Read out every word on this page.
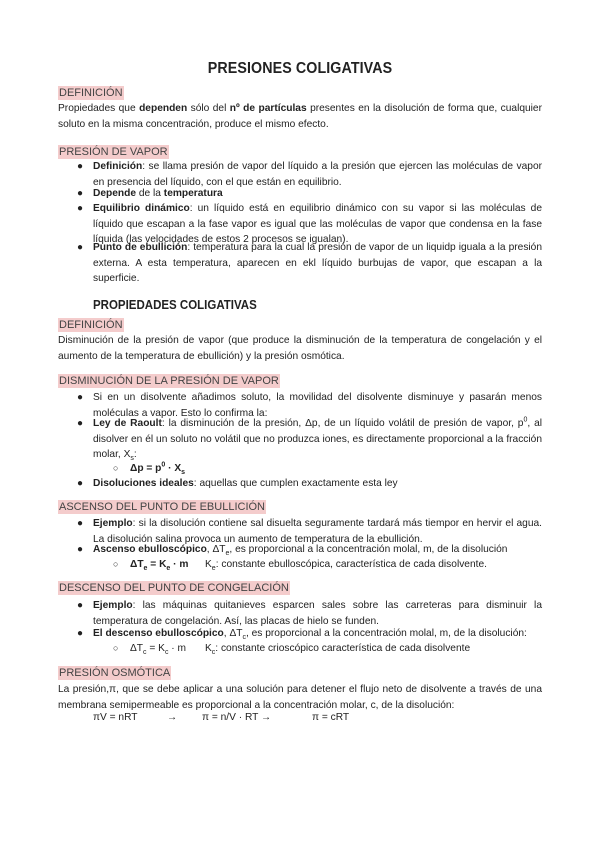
PRESIONES COLIGATIVAS
DEFINICIÓN
Propiedades que dependen sólo del nº de partículas presentes en la disolución de forma que, cualquier soluto en la misma concentración, produce el mismo efecto.
PRESIÓN DE VAPOR
● Definición: se llama presión de vapor del líquido a la presión que ejercen las moléculas de vapor en presencia del líquido, con el que están en equilibrio.
● Depende de la temperatura
● Equilibrio dinámico: un líquido está en equilibrio dinámico con su vapor si las moléculas de líquido que escapan a la fase vapor es igual que las moléculas de vapor que condensa en la fase líquida (las velocidades de estos 2 procesos se igualan).
● Punto de ebullición: temperatura para la cual la presión de vapor de un liquidp iguala a la presión externa. A esta temperatura, aparecen en ekl líquido burbujas de vapor, que escapan a la superficie.
PROPIEDADES COLIGATIVAS
DEFINICIÓN
Disminución de la presión de vapor (que produce la disminución de la temperatura de congelación y el aumento de la temperatura de ebullición) y la presión osmótica.
DISMINUCIÓN DE LA PRESIÓN DE VAPOR
● Si en un disolvente añadimos soluto, la movilidad del disolvente disminuye y pasarán menos moléculas a vapor. Esto lo confirma la:
● Ley de Raoult: la disminución de la presión, Δp, de un líquido volátil de presión de vapor, $p^0$, al disolver en él un soluto no volátil que no produzca iones, es directamente proporcional a la fracción molar, $X_s$:
○ $\Delta p = p^0 \cdot X_s$
● Disoluciones ideales: aquellas que cumplen exactamente esta ley
ASCENSO DEL PUNTO DE EBULLICIÓN
● Ejemplo: si la disolución contiene sal disuelta seguramente tardará más tiempor en hervir el agua. La disolución salina provoca un aumento de temperatura de la ebullición.
● Ascenso ebulloscópico, $\Delta T_e$, es proporcional a la concentración molal, m, de la disolución
○ $\Delta T_e = K_e \cdot m$ $K_e$: constante ebulloscópica, característica de cada disolvente.
DESCENSO DEL PUNTO DE CONGELACIÓN
● Ejemplo: las máquinas quitanieves esparcen sales sobre las carreteras para disminuir la temperatura de congelación. Así, las placas de hielo se funden.
● El descenso ebulloscópico, $\Delta T_c$, es proporcional a la concentración molal, m, de la disolución:
○ $\Delta T_c = K_c \cdot m$ $K_c$: constante crioscópico característica de cada disolvente
PRESIÓN OSMÓTICA
La presión,π, que se debe aplicar a una solución para detener el flujo neto de disolvente a través de una membrana semipermeable es proporcional a la concentración molar, c, de la disolución:
πV = nRT	→ π = n/V · RT →	π = cRT
